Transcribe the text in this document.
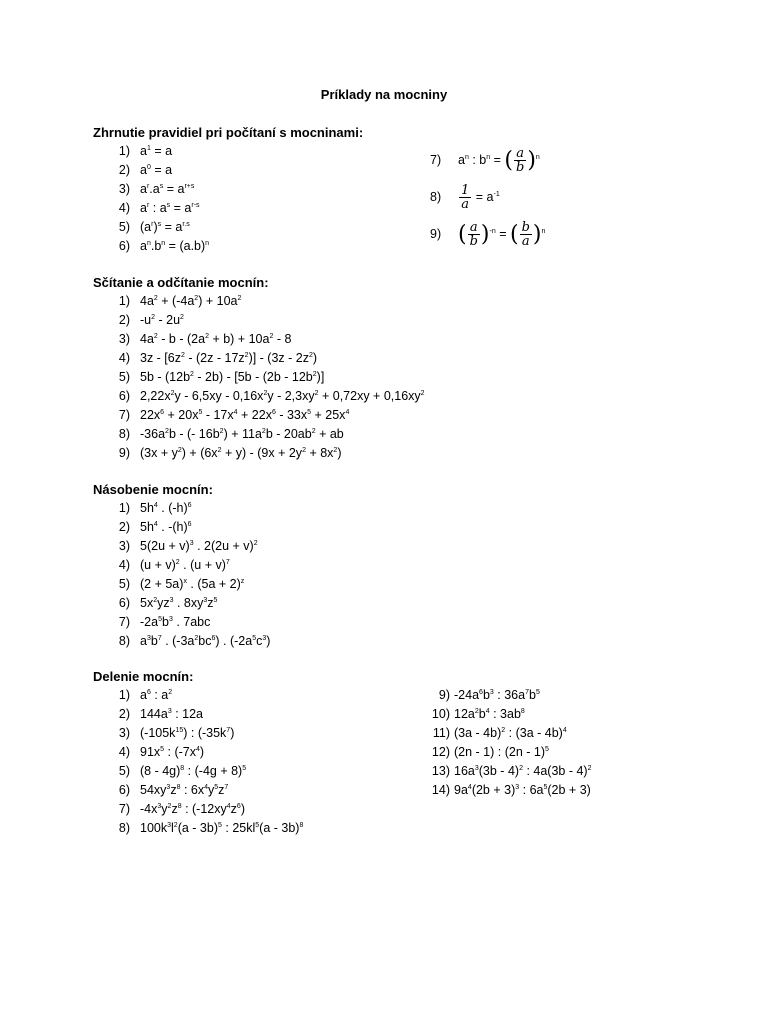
Príklady na mocniny
Zhrnutie pravidiel pri počítaní s mocninami:
1) $a^1 = a$
2) $a^0 = a$
3) $a^r.a^s = a^{r+s}$
4) $a^r$ : $a^s = a^{r-s}$
5) $(a^r)^s = a^{r.s}$
6) $a^n.b^n = (a.b)^n$
7)	$a^n$ : $b^n$ = ( $\frac{a}{b} )^n$
8)	$\frac{1}{a} = a^{-1}$
9) ( $\frac{a}{b} )^{-n}$ = ( $\frac{b}{a} )^n$
Sčítanie a odčítanie mocnín:
1) $4a^2 + (-4a^2) + 10a^2$
2) $-u^2 - 2u^2$
3) $4a^2 - b - (2a^2 + b) + 10a^2 - 8$
4) $3z - [6z^2 - (2z - 17z^2)] - (3z - 2z^2)$
5) $5b - (12b^2 - 2b) - [5b - (2b - 12b^2)]$
6) $2,22x^2y - 6,5xy - 0,16x^2y - 2,3xy^2 + 0,72xy + 0,16xy^2$
7) $22x^6 + 20x^5 - 17x^4 + 22x^6 - 33x^5 + 25x^4$
8) $-36a^2b$ - (- $16b^2) + 11a^2b - 20ab^2$ + ab
9) $(3x + y^2) + (6x^2 + y) - (9x + 2y^2 + 8x^2)$
Násobenie mocnín:
1) $5h^4$ . $(-h)^6$
2) $5h^4$ . $-(h)^6$
3) $5(2u + v)^3$ . $2(2u + v)^2$
4) $(u + v)^2$ . $(u + v)^7$
5) $(2 + 5a)^x$ . $(5a + 2)^z$
6) $5x^2yz^3$ . $8xy^3z^5$
7) $-2a^5b^3$ . 7abc
8) $a^3b^7$ . $(-3a^2bc^6)$ . $(-2a^5c^3)$
Delenie mocnín:
1) $a^6$ : $a^2$
2) $144a^3$ : 12a
3) $(-105k^{15})$ : $(-35k^7)$
4) $91x^5$ : $(-7x^4)$
5) (8 - 4g)$^8$ : $(-4g + 8)^5$
6) $54xy^3z^8$ : $6x^4y^5z^7$
7) $-4x^3y^2z^8$ : $(-12xy^4z^6)$
8) $100k^3l^2(a - 3b)^5$ : $25kl^5(a - 3b)^8$
9) $-24a^6b^3$ : $36a^7b^5$
10) $12a^2b^4$ : $3ab^8$
11) (3a - 4b)$^2$ : (3a - 4b)$^4$
12) (2n - 1) : (2n - 1)$^5$
13) $16a^3(3b - 4)^2$ : 4a(3b - 4)$^2$
14) $9a^4(2b + 3)^3$ : $6a^5(2b + 3)$
